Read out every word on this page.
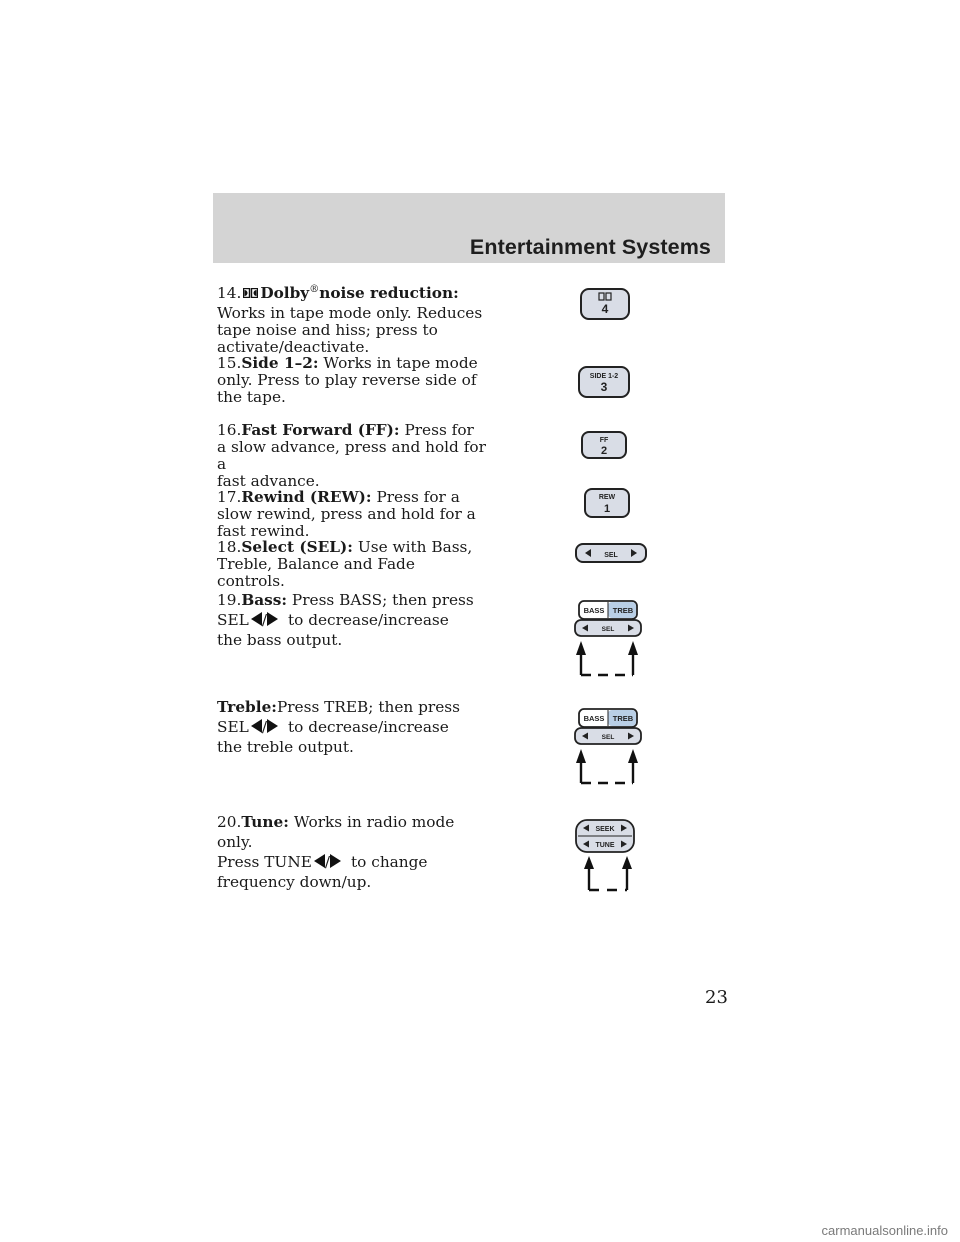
Entertainment Systems

14. Dolby®noise reduction:

Works in tape mode only. Reduces

tape noise and hiss; press to

activate/deactivate.

15.Side 1–2: Works in tape mode

only. Press to play reverse side of

the tape.

16.Fast Forward (FF): Press for

a slow advance, press and hold for a

fast advance.

17.Rewind (REW): Press for a

slow rewind, press and hold for a

fast rewind.

18.Select (SEL): Use with Bass,

Treble, Balance and Fade controls.

19.Bass: Press BASS; then press

SEL / to decrease/increase

the bass output.

Treble:Press TREB; then press

SEL / to decrease/increase

the treble output.

20.Tune: Works in radio mode only.

Press TUNE / to change

frequency down/up.

4
SIDE 1-2
3
FF
2
REW
1
SEL
BASS TREB
SEL
BASS TREB
SEL
SEEK
TUNE
23
carmanualsonline.info
